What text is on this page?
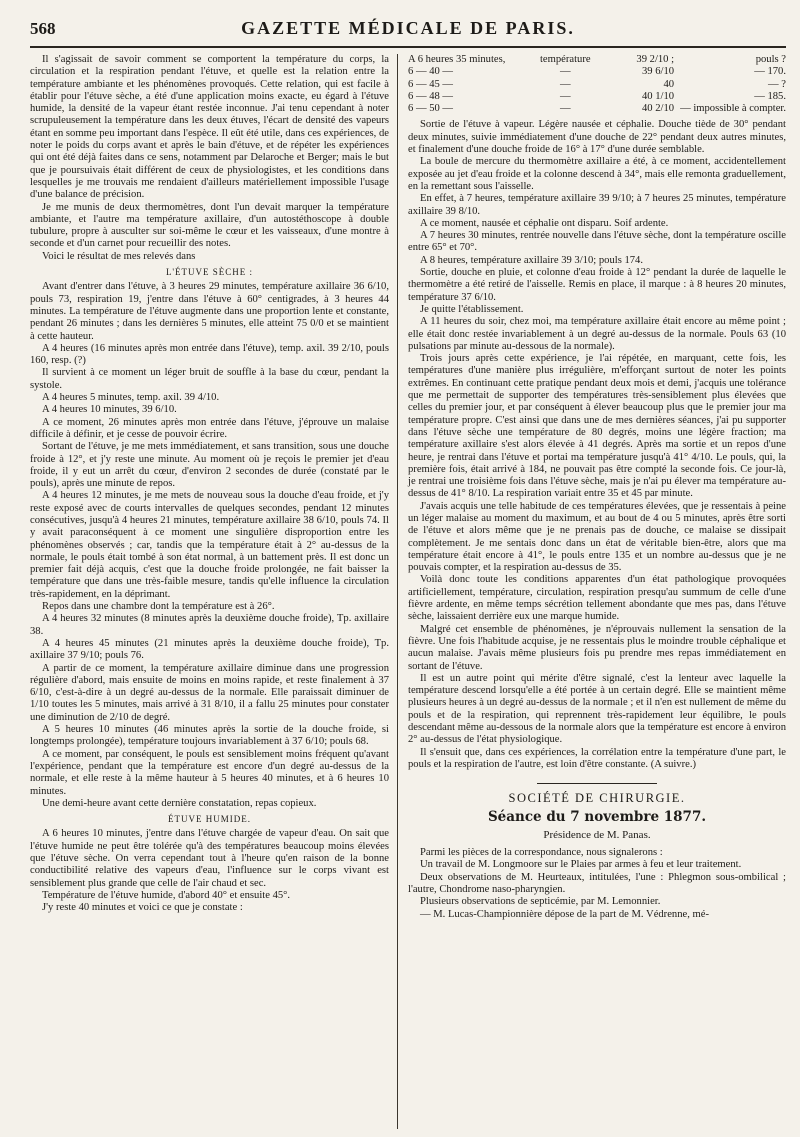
568	GAZETTE MÉDICALE DE PARIS.

Il s'agissait de savoir comment se comportent la température du corps, la circulation et la respiration pendant l'étuve, et quelle est la relation entre la température ambiante et les phénomènes provoqués. Cette relation, qui est facile à établir pour l'étuve sèche, a été d'une application moins exacte, eu égard à l'étuve humide, la densité de la vapeur étant restée inconnue. J'ai tenu cependant à noter scrupuleusement la température dans les deux étuves, l'écart de densité des vapeurs étant en somme peu important dans l'espèce. Il eût été utile, dans ces expériences, de noter le poids du corps avant et après le bain d'étuve, et de répéter les expériences qui ont été déjà faites dans ce sens, notamment par Delaroche et Berger; mais le but que je poursuivais était différent de ceux de physiologistes, et les conditions dans lesquelles je me trouvais me rendaient d'ailleurs matériellement impossible l'usage d'une balance de précision.

Je me munis de deux thermomètres, dont l'un devait marquer la température ambiante, et l'autre ma température axillaire, d'un autostéthoscope à double tubulure, propre à ausculter sur soi-même le cœur et les vaisseaux, d'une montre à seconde et d'un carnet pour recueillir des notes.

Voici le résultat de mes relevés dans

L'ÉTUVE SÈCHE :

Avant d'entrer dans l'étuve, à 3 heures 29 minutes, température axillaire 36 6/10, pouls 73, respiration 19, j'entre dans l'étuve à 60° centigrades, à 3 heures 44 minutes. La température de l'étuve augmente dans une proportion lente et constante, pendant 26 minutes ; dans les dernières 5 minutes, elle atteint 75 0/0 et se maintient à cette hauteur.

A 4 heures (16 minutes après mon entrée dans l'étuve), temp. axil. 39 2/10, pouls 160, resp. (?)

Il survient à ce moment un léger bruit de souffle à la base du cœur, pendant la systole.

A 4 heures 5 minutes, temp. axil. 39 4/10.

A 4 heures 10 minutes, 39 6/10.

A ce moment, 26 minutes après mon entrée dans l'étuve, j'éprouve un malaise difficile à définir, et je cesse de pouvoir écrire.

Sortant de l'étuve, je me mets immédiatement, et sans transition, sous une douche froide à 12°, et j'y reste une minute. Au moment où je reçois le premier jet d'eau froide, il y eut un arrêt du cœur, d'environ 2 secondes de durée (constaté par le pouls), après une minute de repos.

A 4 heures 12 minutes, je me mets de nouveau sous la douche d'eau froide, et j'y reste exposé avec de courts intervalles de quelques secondes, pendant 12 minutes consécutives, jusqu'à 4 heures 21 minutes, température axillaire 38 6/10, pouls 74. Il y avait paraconséquent à ce moment une singulière disproportion entre les phénomènes observés ; car, tandis que la température était à 2° au-dessus de la normale, le pouls était tombé à son état normal, à un battement près. Il est donc un premier fait déjà acquis, c'est que la douche froide prolongée, ne fait baisser la température que dans une très-faible mesure, tandis qu'elle influence la circulation très-rapidement, en la déprimant.

Repos dans une chambre dont la température est à 26°.

A 4 heures 32 minutes (8 minutes après la deuxième douche froide), Tp. axillaire 38.

A 4 heures 45 minutes (21 minutes après la deuxième douche froide), Tp. axillaire 37 9/10; pouls 76.

A partir de ce moment, la température axillaire diminue dans une progression régulière d'abord, mais ensuite de moins en moins rapide, et reste finalement à 37 6/10, c'est-à-dire à un degré au-dessus de la normale. Elle paraissait diminuer de 1/10 toutes les 5 minutes, mais arrivé à 31 8/10, il a fallu 25 minutes pour constater une diminution de 2/10 de degré.

A 5 heures 10 minutes (46 minutes après la sortie de la douche froide, si longtemps prolongée), température toujours invariablement à 37 6/10; pouls 68.

A ce moment, par conséquent, le pouls est sensiblement moins fréquent qu'avant l'expérience, pendant que la température est encore d'un degré au-dessus de la normale, et elle reste à la même hauteur à 5 heures 40 minutes, et à 6 heures 10 minutes.

Une demi-heure avant cette dernière constatation, repas copieux.

ÉTUVE HUMIDE.

A 6 heures 10 minutes, j'entre dans l'étuve chargée de vapeur d'eau. On sait que l'étuve humide ne peut être tolérée qu'à des températures beaucoup moins élevées que l'étuve sèche. On verra cependant tout à l'heure qu'en raison de la bonne conductibilité relative des vapeurs d'eau, l'influence sur le corps vivant est sensiblement plus grande que celle de l'air chaud et sec.

Température de l'étuve humide, d'abord 40° et ensuite 45°.

J'y reste 40 minutes et voici ce que je constate :

A 6 heures 35 minutes,	température	39 2/10 ;	pouls ?
6 — 40 —	—	39 6/10	— 170.
6 — 45 —	—	40	— ?
6 — 48 —	—	40 1/10	— 185.
6 — 50 —	—	40 2/10	— impossible à compter.

Sortie de l'étuve à vapeur. Légère nausée et céphalie. Douche tiède de 30° pendant deux minutes, suivie immédiatement d'une douche de 22° pendant deux autres minutes, et finalement d'une douche froide de 16° à 17° d'une durée semblable.

La boule de mercure du thermomètre axillaire a été, à ce moment, accidentellement exposée au jet d'eau froide et la colonne descend à 34°, mais elle remonta graduellement, en la remettant sous l'aisselle.

En effet, à 7 heures, température axillaire 39 9/10; à 7 heures 25 minutes, température axillaire 39 8/10.

A ce moment, nausée et céphalie ont disparu. Soif ardente.

A 7 heures 30 minutes, rentrée nouvelle dans l'étuve sèche, dont la température oscille entre 65° et 70°.

A 8 heures, température axillaire 39 3/10; pouls 174.

Sortie, douche en pluie, et colonne d'eau froide à 12° pendant la durée de laquelle le thermomètre a été retiré de l'aisselle. Remis en place, il marque : à 8 heures 20 minutes, température 37 6/10.

Je quitte l'établissement.

A 11 heures du soir, chez moi, ma température axillaire était encore au même point ; elle était donc restée invariablement à un degré au-dessus de la normale. Pouls 63 (10 pulsations par minute au-dessous de la normale).

Trois jours après cette expérience, je l'ai répétée, en marquant, cette fois, les températures d'une manière plus irrégulière, m'efforçant surtout de noter les points extrêmes. En continuant cette pratique pendant deux mois et demi, j'acquis une tolérance que me permettait de supporter des températures très-sensiblement plus élevées que celles du premier jour, et par conséquent à élever beaucoup plus que le premier jour ma température propre. C'est ainsi que dans une de mes dernières séances, j'ai pu supporter dans l'étuve sèche une température de 80 degrés, moins une légère fraction; ma température axillaire s'est alors élevée à 41 degrés. Après ma sortie et un repos d'une heure, je rentrai dans l'étuve et portai ma température jusqu'à 41° 4/10. Le pouls, qui, la première fois, était arrivé à 184, ne pouvait pas être compté la seconde fois. Ce jour-là, je rentrai une troisième fois dans l'étuve sèche, mais je n'ai pu élever ma température au-dessus de 41° 8/10. La respiration variait entre 35 et 45 par minute.

J'avais acquis une telle habitude de ces températures élevées, que je ressentais à peine un léger malaise au moment du maximum, et au bout de 4 ou 5 minutes, après être sorti de l'étuve et alors même que je ne prenais pas de douche, ce malaise se dissipait complètement. Je me sentais donc dans un état de véritable bien-être, alors que ma température était encore à 41°, le pouls entre 135 et un nombre au-dessus que je ne pouvais compter, et la respiration au-dessus de 35.

Voilà donc toute les conditions apparentes d'un état pathologique provoquées artificiellement, température, circulation, respiration presqu'au summum de celle d'une fièvre ardente, en même temps sécrétion tellement abondante que mes pas, dans l'étuve sèche, laissaient derrière eux une marque humide.

Malgré cet ensemble de phénomènes, je n'éprouvais nullement la sensation de la fièvre. Une fois l'habitude acquise, je ne ressentais plus le moindre trouble céphalique et aucun malaise. J'avais même plusieurs fois pu prendre mes repas immédiatement en sortant de l'étuve.

Il est un autre point qui mérite d'être signalé, c'est la lenteur avec laquelle la température descend lorsqu'elle a été portée à un certain degré. Elle se maintient même plusieurs heures à un degré au-dessus de la normale ; et il n'en est nullement de même du pouls et de la respiration, qui reprennent très-rapidement leur équilibre, le pouls descendant même au-dessous de la normale alors que la température est encore à environ 2° au-dessus de l'état physiologique.

Il s'ensuit que, dans ces expériences, la corrélation entre la température d'une part, le pouls et la respiration de l'autre, est loin d'être constante. (A suivre.)

SOCIÉTÉ DE CHIRURGIE.
Séance du 7 novembre 1877.
Présidence de M. Panas.

Parmi les pièces de la correspondance, nous signalerons :

Un travail de M. Longmoore sur le Plaies par armes à feu et leur traitement.

Deux observations de M. Heurteaux, intitulées, l'une : Phlegmon sous-ombilical ; l'autre, Chondrome naso-pharyngien.

Plusieurs observations de septicémie, par M. Lemonnier.

— M. Lucas-Championnière dépose de la part de M. Védrenne, mé-
